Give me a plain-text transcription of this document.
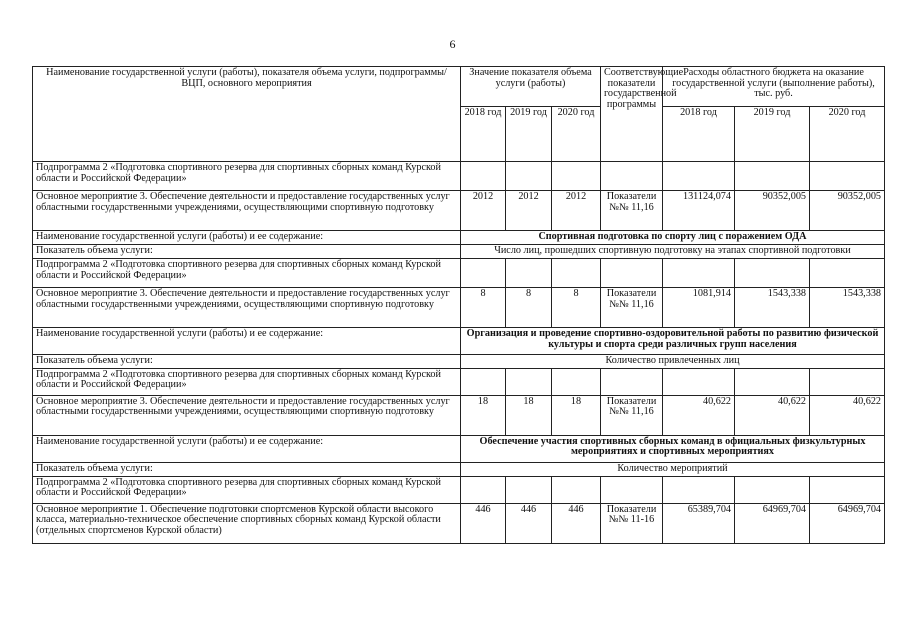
6
Наименование государственной услуги (работы), показателя объема услуги, подпрограммы/ВЦП, основного мероприятия	Значение показателя объема услуги (работы)			Соответствующие показатели государственной программы	Расходы областного бюджета на оказание государственной услуги (выполнение работы), тыс. руб.		
	2018 год	2019 год	2020 год		2018 год	2019 год	2020 год
Подпрограмма 2 «Подготовка спортивного резерва для спортивных сборных команд Курской области и Российской Федерации»							
Основное мероприятие 3. Обеспечение деятельности и предоставление государственных услуг областными государственными учреждениями, осуществляющими спортивную подготовку	2012	2012	2012	Показатели №№ 11,16	131124,074	90352,005	90352,005
Наименование государственной услуги (работы) и ее содержание:	Спортивная подготовка по спорту лиц с поражением ОДА						
Показатель объема услуги:	Число лиц, прошедших спортивную подготовку на этапах спортивной подготовки						
Подпрограмма 2 «Подготовка спортивного резерва для спортивных сборных команд Курской области и Российской Федерации»							
Основное мероприятие 3. Обеспечение деятельности и предоставление государственных услуг областными государственными учреждениями, осуществляющими спортивную подготовку	8	8	8	Показатели №№ 11,16	1081,914	1543,338	1543,338
Наименование государственной услуги (работы) и ее содержание:	Организация и проведение спортивно-оздоровительной работы по развитию физической культуры и спорта среди различных групп населения						
Показатель объема услуги:	Количество привлеченных лиц						
Подпрограмма 2 «Подготовка спортивного резерва для спортивных сборных команд Курской области и Российской Федерации»							
Основное мероприятие 3. Обеспечение деятельности и предоставление государственных услуг областными государственными учреждениями, осуществляющими спортивную подготовку	18	18	18	Показатели №№ 11,16	40,622	40,622	40,622
Наименование государственной услуги (работы) и ее содержание:	Обеспечение участия спортивных сборных команд в официальных физкультурных мероприятиях и спортивных мероприятиях						
Показатель объема услуги:	Количество мероприятий						
Подпрограмма 2 «Подготовка спортивного резерва для спортивных сборных команд Курской области и Российской Федерации»							
Основное мероприятие 1. Обеспечение подготовки спортсменов Курской области высокого класса, материально-техническое обеспечение спортивных сборных команд Курской области (отдельных спортсменов Курской области)	446	446	446	Показатели №№ 11-16	65389,704	64969,704	64969,704
